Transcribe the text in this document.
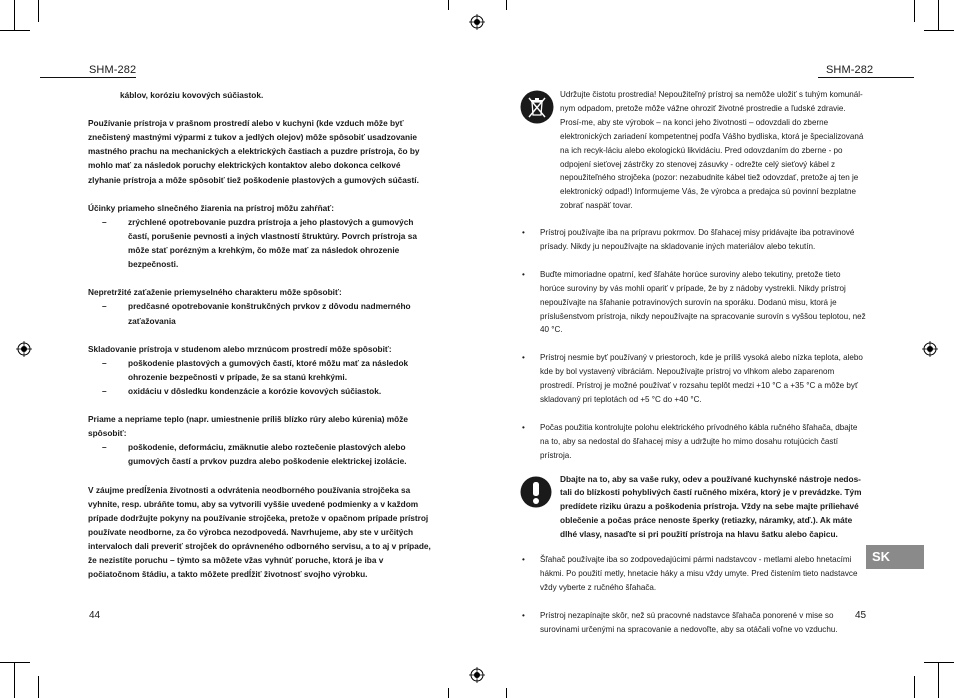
SHM-282	SHM-282

káblov, koróziu kovových súčiastok.

Používanie prístroja v prašnom prostredí alebo v kuchyni (kde vzduch môže byť znečistený mastnými výparmi z tukov a jedlých olejov) môže spôsobiť usadzovanie mastného prachu na mechanických a elektrických častiach a puzdre prístroja, čo by mohlo mať za následok poruchy elektrických kontaktov alebo dokonca celkové zlyhanie prístroja a môže spôsobiť tiež poškodenie plastových a gumových súčastí.

Účinky priameho slnečného žiarenia na prístroj môžu zahŕňať:

–	zrýchlené opotrebovanie puzdra prístroja a jeho plastových a gumových častí, porušenie pevnosti a iných vlastností štruktúry. Povrch prístroja sa môže stať porézným a krehkým, čo môže mať za následok ohrozenie bezpečnosti.

Nepretržité zaťaženie priemyselného charakteru môže spôsobiť:

–	predčasné opotrebovanie konštrukčných prvkov z dôvodu nadmerného zaťažovania

Skladovanie prístroja v studenom alebo mrznúcom prostredí môže spôsobiť:

–	poškodenie plastových a gumových častí, ktoré môžu mať za následok ohrozenie bezpečnosti v prípade, že sa stanú krehkými.
–	oxidáciu v dôsledku kondenzácie a korózie kovových súčiastok.

Priame a nepriame teplo (napr. umiestnenie príliš blízko rúry alebo kúrenia) môže spôsobiť:

–	poškodenie, deformáciu, zmäknutie alebo roztečenie plastových alebo gumových častí a prvkov puzdra alebo poškodenie elektrickej izolácie.

V záujme predĺženia životnosti a odvrátenia neodborného používania strojčeka sa vyhnite, resp. ubráňte tomu, aby sa vytvorili vyššie uvedené podmienky a v každom prípade dodržujte pokyny na používanie strojčeka, pretože v opačnom prípade prístroj používate neodborne, za čo výrobca nezodpovedá. Navrhujeme, aby ste v určitých intervaloch dali preveriť strojček do oprávneného odborného servisu, a to aj v prípade, že nezistíte poruchu – týmto sa môžete vžas vyhnúť poruche, ktorá je iba v počiatočnom štádiu, a takto môžete predĺžiť životnosť svojho výrobku.

Udržujte čistotu prostredia! Nepoužiteľný prístroj sa nemôže uložiť s tuhým komunál-nym odpadom, pretože môže vážne ohroziť životné prostredie a ľudské zdravie. Prosí-me, aby ste výrobok – na konci jeho životnosti – odovzdali do zberne elektronických zariadení kompetentnej podľa Vášho bydliska, ktorá je špecializovaná na ich recyk-láciu alebo ekologickú likvidáciu. Pred odovzdaním do zberne - po odpojení sieťovej zástrčky zo stenovej zásuvky - odrežte celý sieťový kábel z nepoužiteľného strojčeka (pozor: nezabudnite kábel tiež odovzdať, pretože aj ten je elektronický odpad!) Informujeme Vás, že výrobca a predajca sú povinní bezplatne zobrať naspäť tovar.
•	Prístroj používajte iba na prípravu pokrmov. Do šľahacej misy pridávajte iba potravinové prísady. Nikdy ju nepoužívajte na skladovanie iných materiálov alebo tekutín.
•	Buďte mimoriadne opatrní, keď šľaháte horúce suroviny alebo tekutiny, pretože tieto horúce suroviny by vás mohli opariť v prípade, že by z nádoby vystrekli. Nikdy prístroj nepoužívajte na šľahanie potravinových surovín na sporáku. Dodanú misu, ktorá je príslušenstvom prístroja, nikdy nepoužívajte na spracovanie surovín s vyššou teplotou, než 40 °C.
•	Prístroj nesmie byť používaný v priestoroch, kde je príliš vysoká alebo nízka teplota, alebo kde by bol vystavený vibráciám. Nepoužívajte prístroj vo vlhkom alebo zaparenom prostredí. Prístroj je možné používať v rozsahu teplôt medzi +10 °C a +35 °C a môže byť skladovaný pri teplotách od +5 °C do +40 °C.
•	Počas použitia kontrolujte polohu elektrického prívodného kábla ručného šľahača, dbajte na to, aby sa nedostal do šľahacej misy a udržujte ho mimo dosahu rotujúcich častí prístroja.
Dbajte na to, aby sa vaše ruky, odev a používané kuchynské nástroje nedos-tali do blízkosti pohyblivých častí ručného mixéra, ktorý je v prevádzke. Tým predídete riziku úrazu a poškodenia prístroja. Vždy na sebe majte príliehavé oblečenie a počas práce nenoste šperky (retiazky, náramky, atď.). Ak máte dlhé vlasy, nasaďte si pri použití prístroja na hlavu šatku alebo čapicu.
•	Šľahač používajte iba so zodpovedajúcimi pármi nadstavcov - metlami alebo hnetacími hákmi. Po použití metly, hnetacie háky a misu vždy umyte. Pred čistením tieto nadstavce vždy vyberte z ručného šľahača.
•	Prístroj nezapínajte skôr, než sú pracovné nadstavce šľahača ponorené v mise so surovinami určenými na spracovanie a nedovoľte, aby sa otáčali voľne vo vzduchu.
SK
44	45
